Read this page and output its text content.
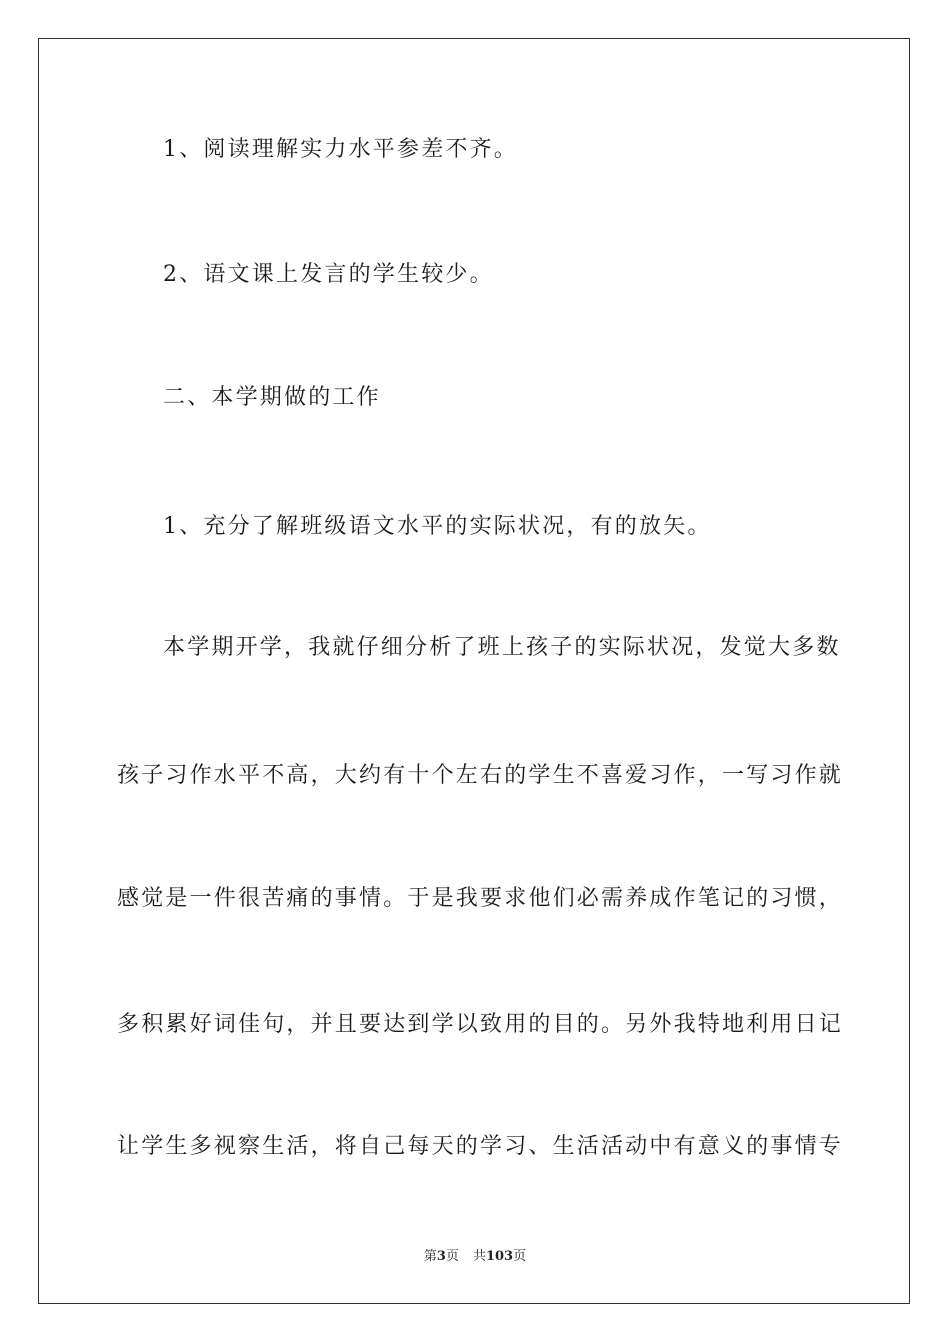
1、阅读理解实力水平参差不齐。
2、语文课上发言的学生较少。
二、本学期做的工作
1、充分了解班级语文水平的实际状况，有的放矢。
本学期开学，我就仔细分析了班上孩子的实际状况，发觉大多数
孩子习作水平不高，大约有十个左右的学生不喜爱习作，一写习作就
感觉是一件很苦痛的事情。于是我要求他们必需养成作笔记的习惯，
多积累好词佳句，并且要达到学以致用的目的。另外我特地利用日记
让学生多视察生活，将自己每天的学习、生活活动中有意义的事情专
第3页 共103页
